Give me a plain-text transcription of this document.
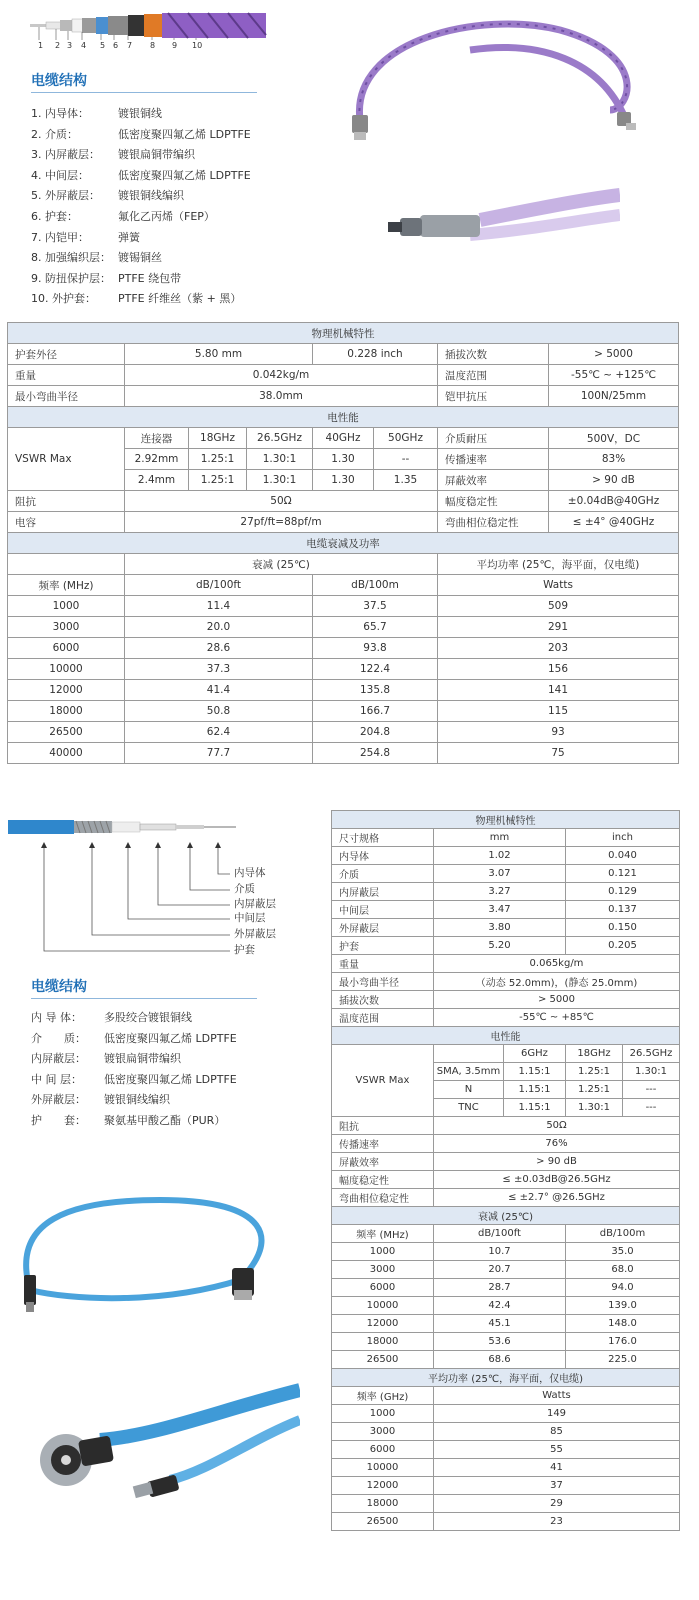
1 2 3 4 5 6 7 8 9 10
电缆结构
1. 内导体：	镀银铜线
2. 介质：	低密度聚四氟乙烯 LDPTFE
3. 内屏蔽层：	镀银扁铜带编织
4. 中间层：	低密度聚四氟乙烯 LDPTFE
5. 外屏蔽层：	镀银铜线编织
6. 护套：	氟化乙丙烯（FEP）
7. 内铠甲：	弹簧
8. 加强编织层： 镀锡铜丝
9. 防扭保护层： PTFE 绕包带
10. 外护套：	PTFE 纤维丝（紫 + 黑）
物理机械特性							
护套外径	5.80 mm			0.228 inch		插拔次数	> 5000
重量	0.042kg/m					温度范围	-55℃ ~ +125℃
最小弯曲半径	38.0mm					铠甲抗压	100N/25mm
电性能							
VSWR Max	连接器	18GHz	26.5GHz	40GHz	50GHz	介质耐压	500V，DC
	2.92mm	1.25:1	1.30:1	1.30	--	传播速率	83%
	2.4mm	1.25:1	1.30:1	1.30	1.35	屏蔽效率	> 90 dB
阻抗	50Ω					幅度稳定性	±0.04dB@40GHz
电容	27pf/ft=88pf/m					弯曲相位稳定性	≤ ±4° @40GHz
电缆衰减及功率							
	衰减 (25℃)					平均功率 (25℃，海平面，仅电缆)	
频率 (MHz)	dB/100ft			dB/100m		Watts	
1000	11.4			37.5		509	
3000	20.0			65.7		291	
6000	28.6			93.8		203	
10000	37.3			122.4		156	
12000	41.4			135.8		141	
18000	50.8			166.7		115	
26500	62.4			204.8		93	
40000	77.7			254.8		75	
内导体
介质
内屏蔽层
中间层
外屏蔽层
护套
电缆结构
内 导 体：	多股绞合镀银铜线
介　　质：	低密度聚四氟乙烯 LDPTFE
内屏蔽层：	镀银扁铜带编织
中 间 层：	低密度聚四氟乙烯 LDPTFE
外屏蔽层：	镀银铜线编织
护　　套：	聚氨基甲酸乙酯（PUR）
物理机械特性				
尺寸规格	mm		inch	
内导体	1.02		0.040	
介质	3.07		0.121	
内屏蔽层	3.27		0.129	
中间层	3.47		0.137	
外屏蔽层	3.80		0.150	
护套	5.20		0.205	
重量	0.065kg/m			
最小弯曲半径	（动态 52.0mm)，(静态 25.0mm)			
插拔次数	> 5000			
温度范围	-55℃ ~ +85℃			
电性能				
VSWR Max		6GHz	18GHz	26.5GHz
	SMA, 3.5mm	1.15:1	1.25:1	1.30:1
	N	1.15:1	1.25:1	---
	TNC	1.15:1	1.30:1	---
阻抗	50Ω			
传播速率	76%			
屏蔽效率	> 90 dB			
幅度稳定性	≤ ±0.03dB@26.5GHz			
弯曲相位稳定性	≤ ±2.7° @26.5GHz			
衰减 (25℃)				
频率 (MHz)	dB/100ft		dB/100m	
1000	10.7		35.0	
3000	20.7		68.0	
6000	28.7		94.0	
10000	42.4		139.0	
12000	45.1		148.0	
18000	53.6		176.0	
26500	68.6		225.0	
平均功率 (25℃，海平面，仅电缆)				
频率 (GHz)	Watts			
1000	149			
3000	85			
6000	55			
10000	41			
12000	37			
18000	29			
26500	23			
